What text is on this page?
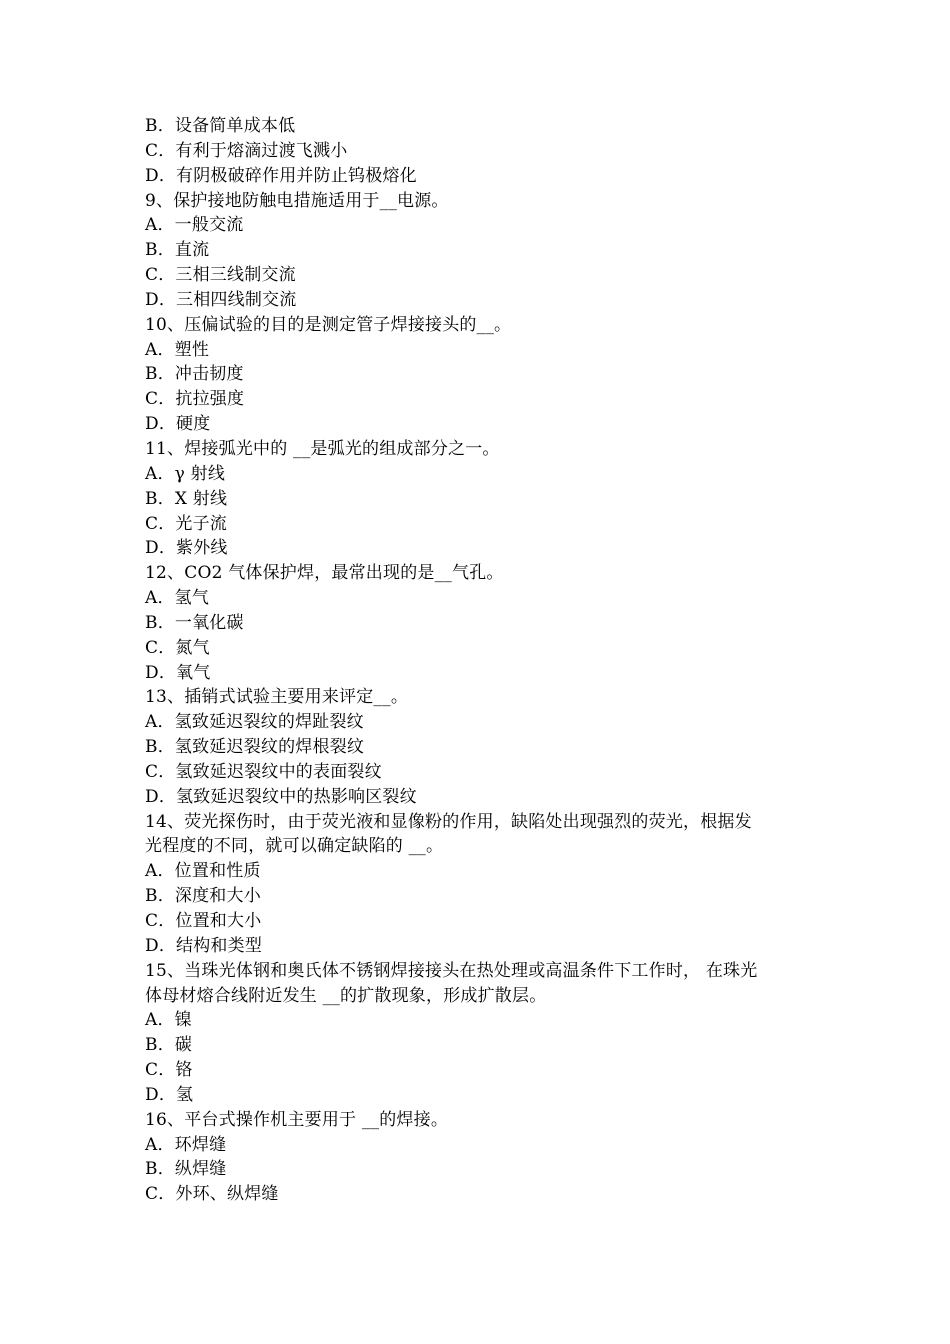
B．设备简单成本低
C．有利于熔滴过渡飞溅小
D．有阴极破碎作用并防止钨极熔化
9、保护接地防触电措施适用于__电源。
A．一般交流
B．直流
C．三相三线制交流
D．三相四线制交流
10、压偏试验的目的是测定管子焊接接头的__。
A．塑性
B．冲击韧度
C．抗拉强度
D．硬度
11、焊接弧光中的 __是弧光的组成部分之一。
A．γ 射线
B．X 射线
C．光子流
D．紫外线
12、CO2 气体保护焊，最常出现的是__气孔。
A．氢气
B．一氧化碳
C．氮气
D．氧气
13、插销式试验主要用来评定__。
A．氢致延迟裂纹的焊趾裂纹
B．氢致延迟裂纹的焊根裂纹
C．氢致延迟裂纹中的表面裂纹
D．氢致延迟裂纹中的热影响区裂纹
14、荧光探伤时，由于荧光液和显像粉的作用，缺陷处出现强烈的荧光，根据发
光程度的不同，就可以确定缺陷的 __。
A．位置和性质
B．深度和大小
C．位置和大小
D．结构和类型
15、当珠光体钢和奥氏体不锈钢焊接接头在热处理或高温条件下工作时， 在珠光
体母材熔合线附近发生 __的扩散现象，形成扩散层。
A．镍
B．碳
C．铬
D．氢
16、平台式操作机主要用于 __的焊接。
A．环焊缝
B．纵焊缝
C．外环、纵焊缝
